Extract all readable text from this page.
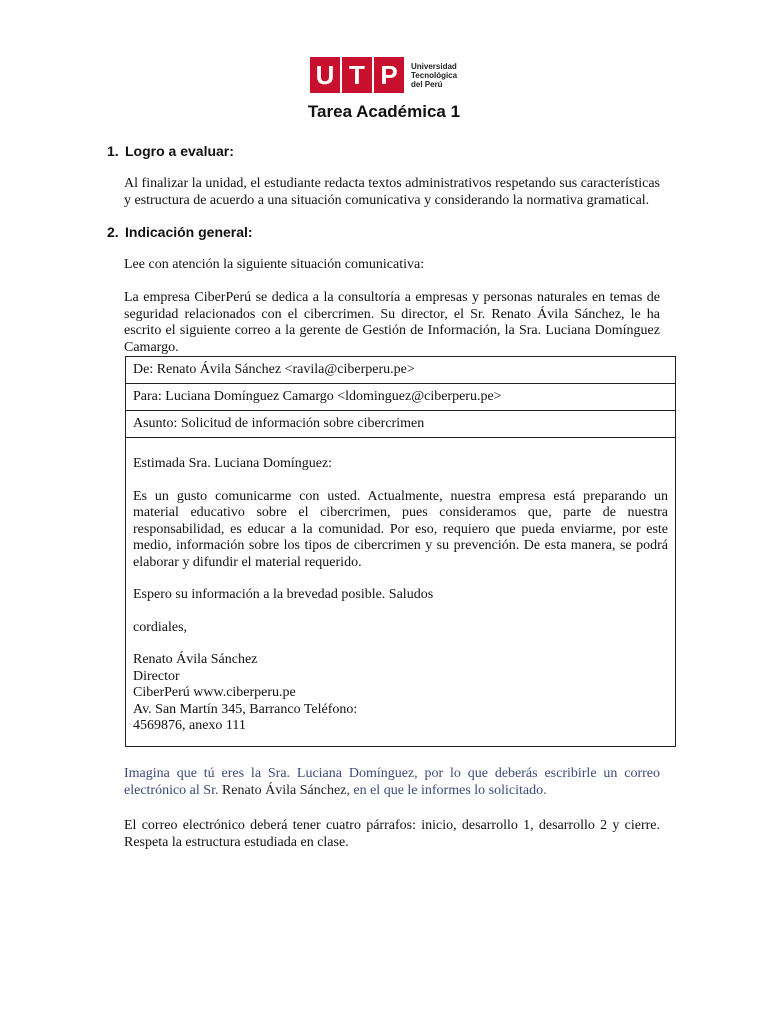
U T P	Universidad
Tecnológica
del Perú
Tarea Académica 1
1. Logro a evaluar:
Al finalizar la unidad, el estudiante redacta textos administrativos respetando sus características y estructura de acuerdo a una situación comunicativa y considerando la normativa gramatical.
2. Indicación general:
Lee con atención la siguiente situación comunicativa:
La empresa CiberPerú se dedica a la consultoría a empresas y personas naturales en temas de seguridad relacionados con el cibercrimen. Su director, el Sr. Renato Ávila Sánchez, le ha escrito el siguiente correo a la gerente de Gestión de Información, la Sra. Luciana Domínguez Camargo.
De: Renato Ávila Sánchez <ravila@ciberperu.pe>
Para: Luciana Domínguez Camargo <ldominguez@ciberperu.pe>
Asunto: Solicitud de información sobre cibercrimen

Estimada Sra. Luciana Domínguez:

Es un gusto comunicarme con usted. Actualmente, nuestra empresa está preparando un material educativo sobre el cibercrimen, pues consideramos que, parte de nuestra responsabilidad, es educar a la comunidad. Por eso, requiero que pueda enviarme, por este medio, información sobre los tipos de cibercrimen y su prevención. De esta manera, se podrá elaborar y difundir el material requerido.

Espero su información a la brevedad posible. Saludos

cordiales,

Renato Ávila Sánchez

Director

CiberPerú www.ciberperu.pe

Av. San Martín 345, Barranco Teléfono:

4569876, anexo 111

Imagina que tú eres la Sra. Luciana Domínguez, por lo que deberás escribirle un correo electrónico al Sr. Renato Ávila Sánchez, en el que le informes lo solicitado.
El correo electrónico deberá tener cuatro párrafos: inicio, desarrollo 1, desarrollo 2 y cierre. Respeta la estructura estudiada en clase.
